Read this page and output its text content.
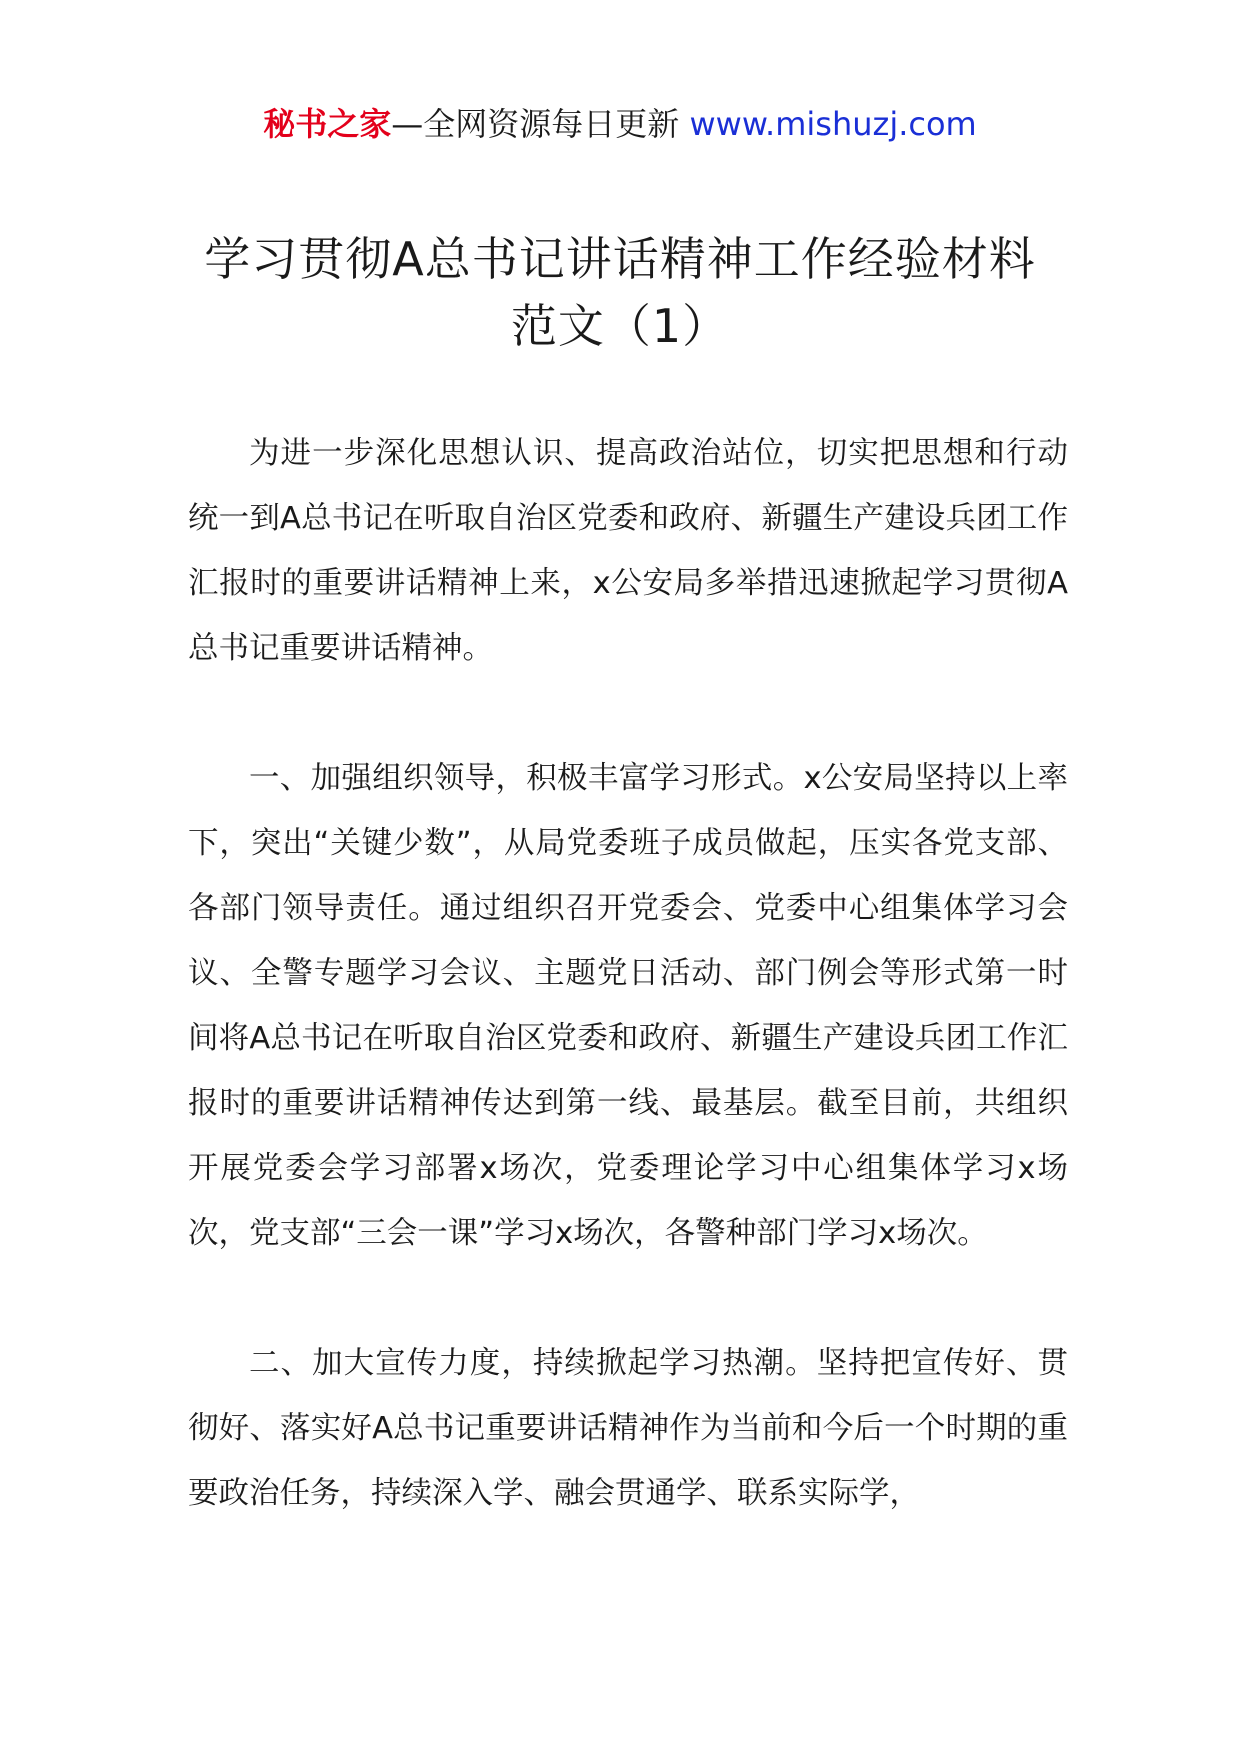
秘书之家—全网资源每日更新 www.mishuzj.com
学习贯彻A总书记讲话精神工作经验材料
范文（1）

为进一步深化思想认识、提高政治站位，切实把思想和行动统一到A总书记在听取自治区党委和政府、新疆生产建设兵团工作汇报时的重要讲话精神上来，x公安局多举措迅速掀起学习贯彻A总书记重要讲话精神。

一、加强组织领导，积极丰富学习形式。x公安局坚持以上率下，突出“关键少数”，从局党委班子成员做起，压实各党支部、各部门领导责任。通过组织召开党委会、党委中心组集体学习会议、全警专题学习会议、主题党日活动、部门例会等形式第一时间将A总书记在听取自治区党委和政府、新疆生产建设兵团工作汇报时的重要讲话精神传达到第一线、最基层。截至目前，共组织开展党委会学习部署x场次，党委理论学习中心组集体学习x场次，党支部“三会一课”学习x场次，各警种部门学习x场次。

二、加大宣传力度，持续掀起学习热潮。坚持把宣传好、贯彻好、落实好A总书记重要讲话精神作为当前和今后一个时期的重要政治任务，持续深入学、融会贯通学、联系实际学，
